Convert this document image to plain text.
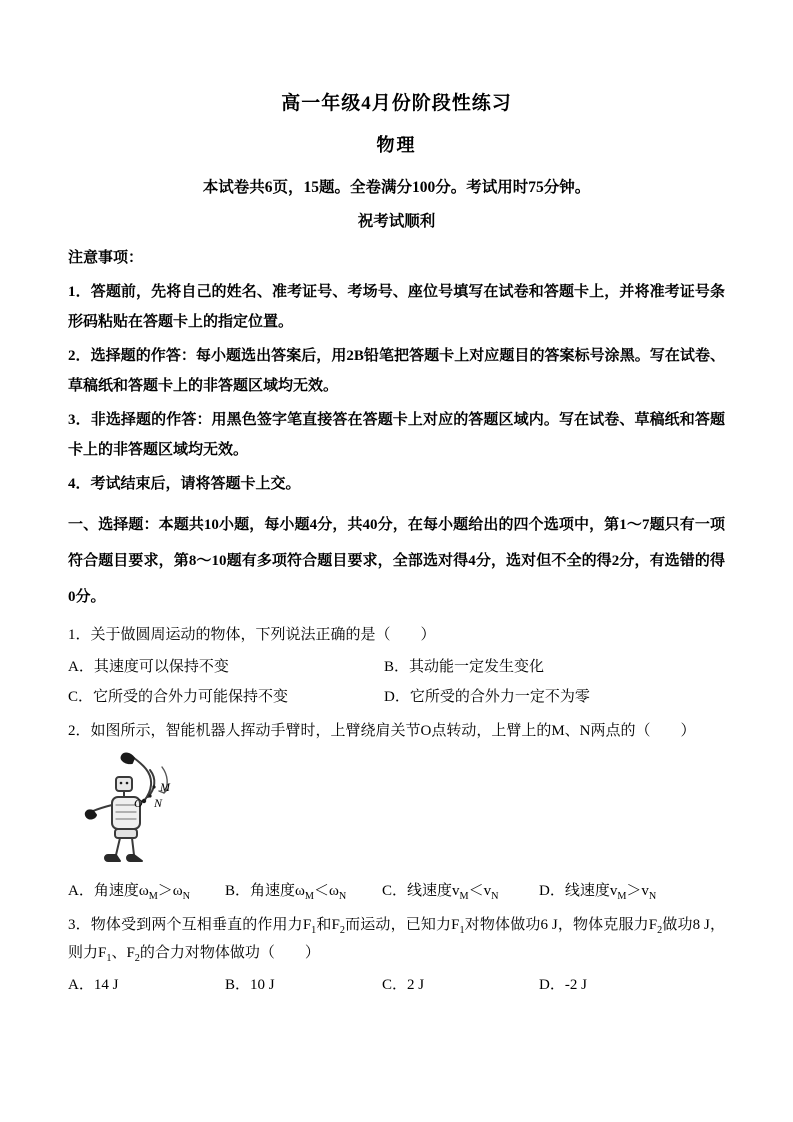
高一年级4月份阶段性练习
物理

本试卷共6页，15题。全卷满分100分。考试用时75分钟。

祝考试顺利

注意事项：

1．答题前，先将自己的姓名、准考证号、考场号、座位号填写在试卷和答题卡上，并将准考证号条形码粘贴在答题卡上的指定位置。

2．选择题的作答：每小题选出答案后，用2B铅笔把答题卡上对应题目的答案标号涂黑。写在试卷、草稿纸和答题卡上的非答题区域均无效。

3．非选择题的作答：用黑色签字笔直接答在答题卡上对应的答题区域内。写在试卷、草稿纸和答题卡上的非答题区域均无效。

4．考试结束后，请将答题卡上交。

一、选择题：本题共10小题，每小题4分，共40分，在每小题给出的四个选项中，第1～7题只有一项符合题目要求，第8～10题有多项符合题目要求，全部选对得4分，选对但不全的得2分，有选错的得0分。

1．关于做圆周运动的物体，下列说法正确的是（　　）

A．其速度可以保持不变	B．其动能一定发生变化
C．它所受的合外力可能保持不变	D．它所受的合外力一定不为零

2．如图所示，智能机器人挥动手臂时，上臂绕肩关节O点转动，上臂上的M、N两点的（　　）

M
O N
A．角速度$\omega_M>\omega_N$ B．角速度$\omega_M<\omega_N$ C．线速度$v_M<v_N$	D．线速度$v_M>v_N$

3．物体受到两个互相垂直的作用力$F_1$和$F_2$而运动，已知力$F_1$对物体做功6 J，物体克服力$F_2$做功8 J，则力$F_1$、$F_2$的合力对物体做功（　　）

A．14 J	B．10 J	C．2 J	D．-2 J
